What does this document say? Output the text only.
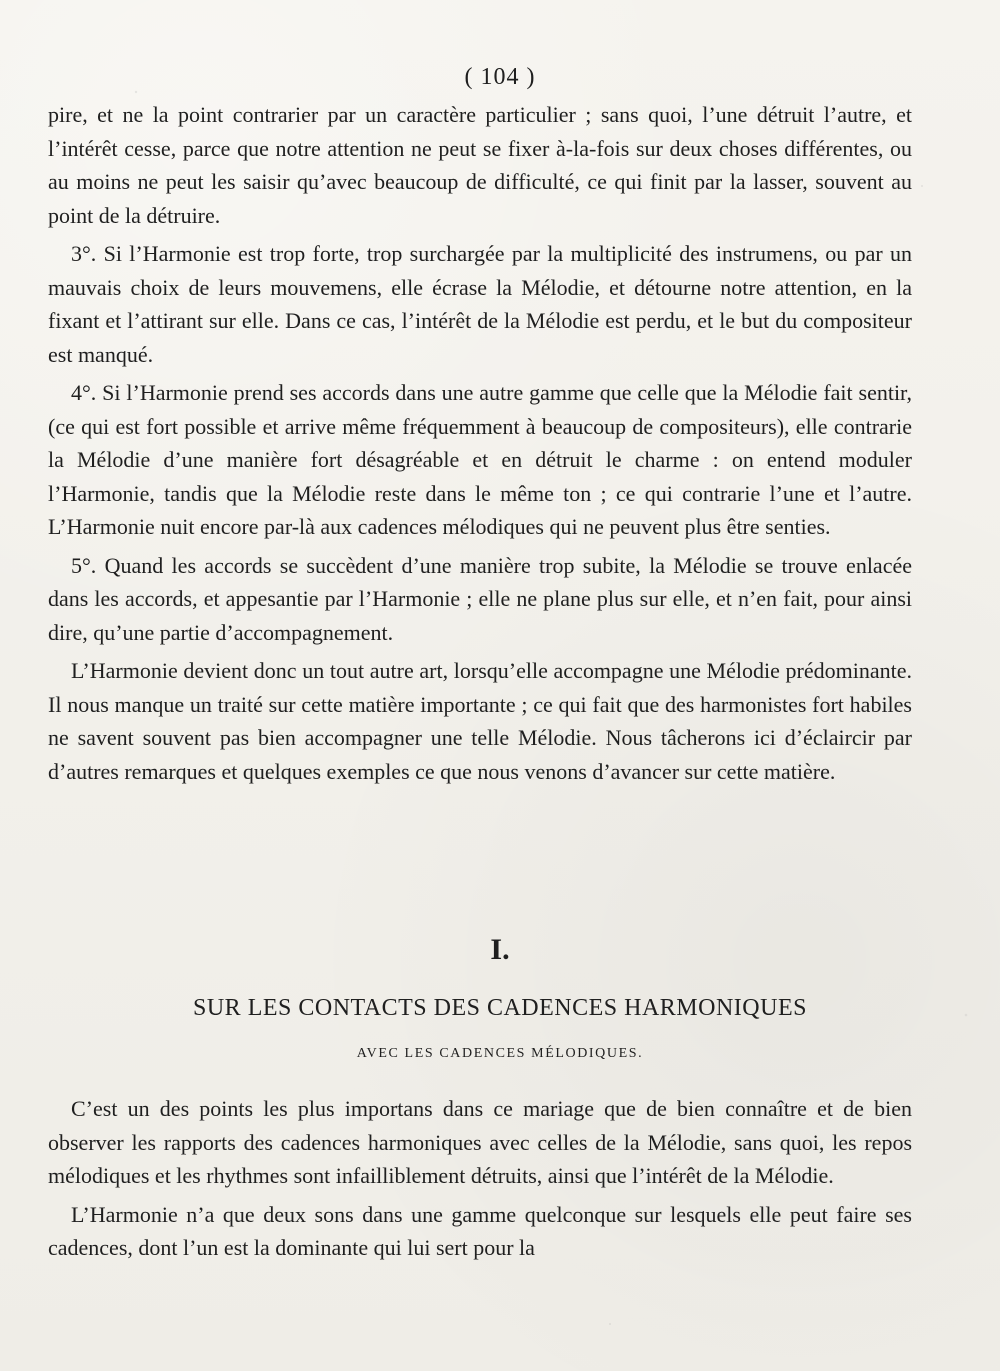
( 104 )

pire, et ne la point contrarier par un caractère particulier ; sans quoi, l’une détruit l’autre, et l’intérêt cesse, parce que notre attention ne peut se fixer à-la-fois sur deux choses différentes, ou au moins ne peut les saisir qu’avec beaucoup de difficulté, ce qui finit par la lasser, souvent au point de la détruire.

3°. Si l’Harmonie est trop forte, trop surchargée par la multiplicité des instrumens, ou par un mauvais choix de leurs mouvemens, elle écrase la Mélodie, et détourne notre attention, en la fixant et l’attirant sur elle. Dans ce cas, l’intérêt de la Mélodie est perdu, et le but du compositeur est manqué.

4°. Si l’Harmonie prend ses accords dans une autre gamme que celle que la Mélodie fait sentir, (ce qui est fort possible et arrive même fréquemment à beaucoup de compositeurs), elle contrarie la Mélodie d’une manière fort désagréable et en détruit le charme : on entend moduler l’Harmonie, tandis que la Mélodie reste dans le même ton ; ce qui contrarie l’une et l’autre. L’Harmonie nuit encore par-là aux cadences mélodiques qui ne peuvent plus être senties.

5°. Quand les accords se succèdent d’une manière trop subite, la Mélodie se trouve enlacée dans les accords, et appesantie par l’Harmonie ; elle ne plane plus sur elle, et n’en fait, pour ainsi dire, qu’une partie d’accompagnement.

L’Harmonie devient donc un tout autre art, lorsqu’elle accompagne une Mélodie prédominante. Il nous manque un traité sur cette matière importante ; ce qui fait que des harmonistes fort habiles ne savent souvent pas bien accompagner une telle Mélodie. Nous tâcherons ici d’éclaircir par d’autres remarques et quelques exemples ce que nous venons d’avancer sur cette matière.

I.
SUR LES CONTACTS DES CADENCES HARMONIQUES
AVEC LES CADENCES MÉLODIQUES.

C’est un des points les plus importans dans ce mariage que de bien connaître et de bien observer les rapports des cadences harmoniques avec celles de la Mélodie, sans quoi, les repos mélodiques et les rhythmes sont infailliblement détruits, ainsi que l’intérêt de la Mélodie.

L’Harmonie n’a que deux sons dans une gamme quelconque sur lesquels elle peut faire ses cadences, dont l’un est la dominante qui lui sert pour la
